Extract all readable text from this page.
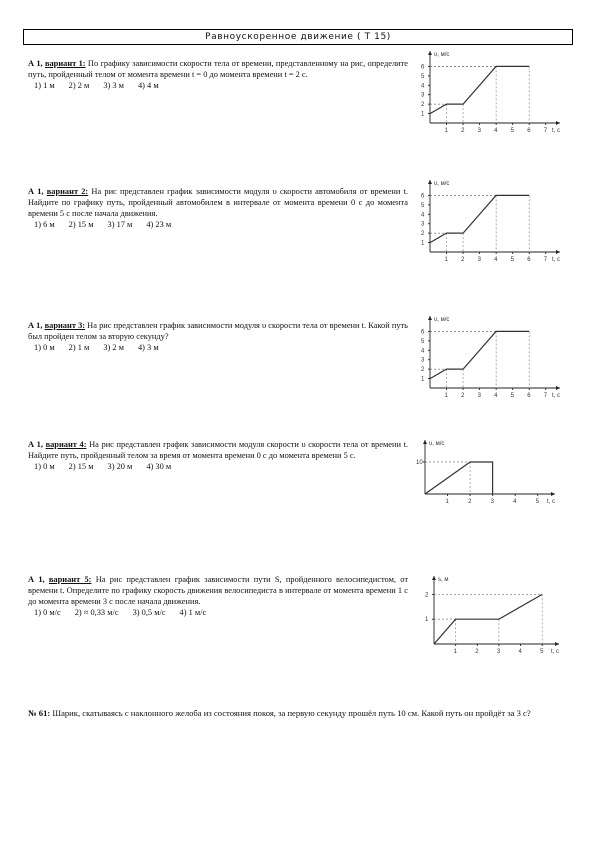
Равноускоренное движение ( Т 15)
А 1, вариант 1: По графику зависимости скорости тела от времени, представленному на рис, определите путь, пройденный телом от момента времени t = 0 до момента времени t = 2 с.
1) 1 м 2) 2 м 3) 3 м 4) 4 м
υ, м/с
t, с
1 2 3 4 5 6 7
1
2
3
4
5
6
А 1, вариант 2: На рис представлен график зависимости модуля υ скорости автомобиля от времени t. Найдите по графику путь, пройденный автомобилем в интервале от момента времени 0 с до момента времени 5 с после начала движения.
1) 6 м 2) 15 м 3) 17 м 4) 23 м
υ, м/с
t, с
1 2 3 4 5 6 7
1
2
3
4
5
6
А 1, вариант 3: На рис представлен график зависимости модуля υ скорости тела от времени t. Какой путь был пройден телом за вторую секунду?
1) 0 м 2) 1 м 3) 2 м 4) 3 м
υ, м/с
t, с
1 2 3 4 5 6 7
1
2
3
4
5
6
А 1, вариант 4: На рис представлен график зависимости модуля скорости υ скорости тела от времени t. Найдите путь, пройденный телом за время от момента времени 0 с до момента времени 5 с.
1) 0 м 2) 15 м 3) 20 м 4) 30 м
υ, м/с
t, с
1	2	3	4	5
10
А 1, вариант 5: На рис представлен график зависимости пути S, пройденного велосипедистом, от времени t. Определите по графику скорость движения велосипедиста в интервале от момента времени 1 с до момента времени 3 с после начала движения.
1) 0 м/с 2) ≈ 0,33 м/с 3) 0,5 м/с 4) 1 м/с
s, м
t, с
1	2	3	4	5
1
2
№ 61: Шарик, скатываясь с наклонного желоба из состояния покоя, за первую секунду прошёл путь 10 см. Какой путь он пройдёт за 3 с?
